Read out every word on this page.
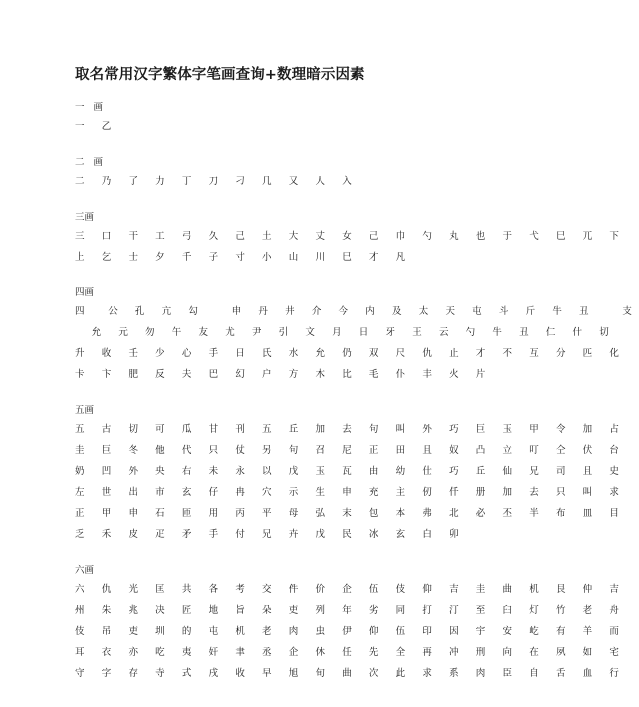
取名常用汉字繁体字笔画查询+数理暗示因素
一 画
一 乙
二 画
二 乃 了 力 丁 刀 刁 几 又 人 入
三画
三 口 干 工 弓 久 己 土 大 丈 女 己 巾 勺 丸 也 于 弋 巳 兀 下
上 乞 士 夕 千 子 寸 小 山 川 巳 才 凡
四画
四　公 孔 亢 勾　 申 丹 井 介 今 内 及 太 天 屯 斗 斤 牛 丑　 支
　允 元 勿 午 友 尤 尹 引 文 月 日 牙 王 云 勺 牛 丑 仁 什 切
升 收 壬 少 心 手 日 氏 水 允 仍 双 尺 仇 止 才 不 互 分 匹 化
卡 卞 肥 反 夫 巴 幻 户 方 木 比 毛 仆 丰 火 片
五画
五 古 切 可 瓜 甘 刊 五 丘 加 去 句 叫 外 巧 巨 玉 甲 令 加 占
圭 巨 冬 他 代 只 仗 另 句 召 尼 正 田 且 奴 凸 立 叮 仝 伏 台
奶 凹 外 央 右 未 永 以 戊 玉 瓦 由 幼 仕 巧 丘 仙 兄 司 且 史
左 世 出 市 玄 仔 冉 穴 示 生 申 充 主 仞 仟 册 加 去 只 叫 求
正 甲 申 石 匝 用 丙 平 母 弘 末 包 本 弗 北 必 丕 半 布 皿 目
乏 禾 皮 疋 矛 手 付 兄 卉 戊 民 冰 玄 白 卯
六画
六 仇 光 匡 共 各 考 交 件 价 企 伍 伎 仰 吉 圭 曲 机 艮 仲 吉
州 朱 兆 决 匠 地 旨 朵 吏 列 年 劣 同 打 汀 至 臼 灯 竹 老 舟
伎 吊 吏 圳 的 屯 机 老 肉 虫 伊 仰 伍 印 因 宇 安 屹 有 羊 而
耳 衣 亦 吃 夷 奸 聿 丞 企 休 任 先 全 再 冲 刑 向 在 夙 如 宅
守 字 存 寺 式 戌 收 早 旭 旬 曲 次 此 求 系 肉 臣 自 舌 血 行
